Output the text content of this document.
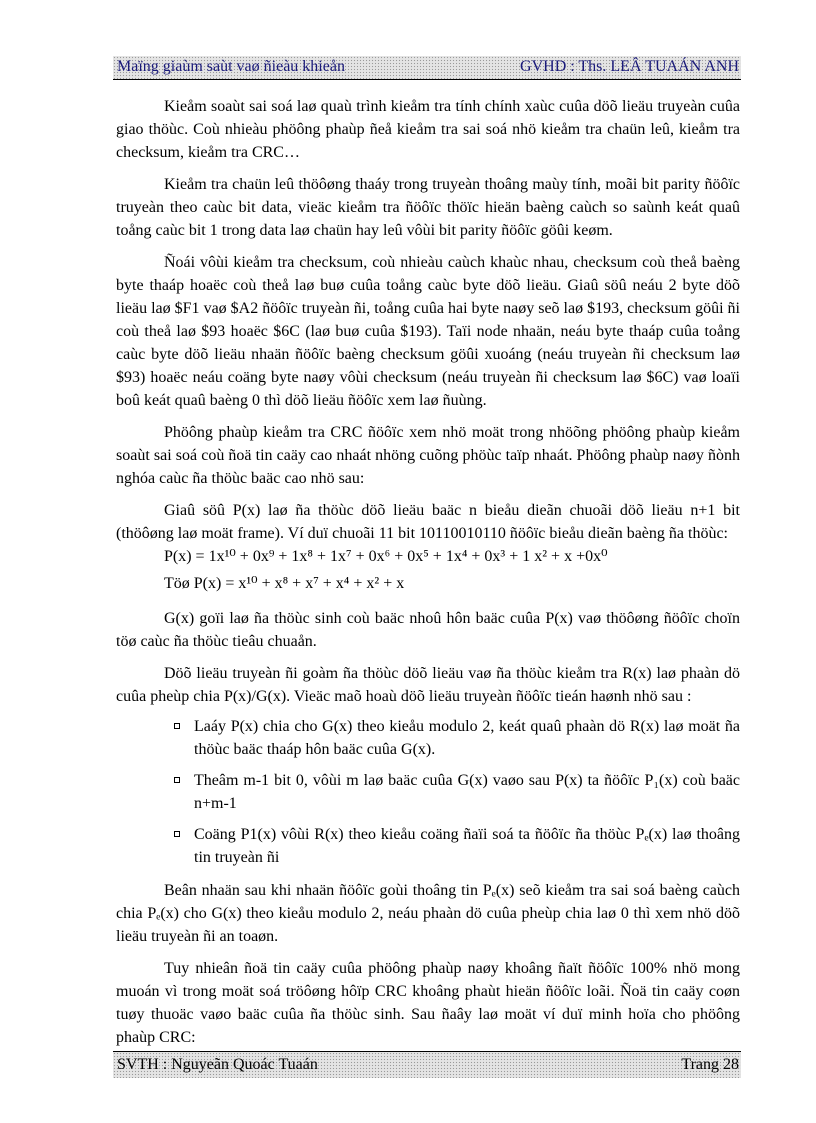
Maïng giaùm saùt vaø ñieàu khieån	GVHD : Ths. LEÂ TUAÁN ANH

Kieåm soaùt sai soá laø quaù trình kieåm tra tính chính xaùc cuûa döõ lieäu truyeàn cuûa giao thöùc. Coù nhieàu phöông phaùp ñeå kieåm tra sai soá nhö kieåm tra chaün leû, kieåm tra checksum, kieåm tra CRC…

Kieåm tra chaün leû thöôøng thaáy trong truyeàn thoâng maùy tính, moãi bit parity ñöôïc truyeàn theo caùc bit data, vieäc kieåm tra ñöôïc thöïc hieän baèng caùch so saùnh keát quaû toång caùc bit 1 trong data laø chaün hay leû vôùi bit parity ñöôïc göûi keøm.

Ñoái vôùi kieåm tra checksum, coù nhieàu caùch khaùc nhau, checksum coù theå baèng byte thaáp hoaëc coù theå laø buø cuûa toång caùc byte döõ lieäu. Giaû söû neáu 2 byte döõ lieäu laø $F1 vaø $A2 ñöôïc truyeàn ñi, toång cuûa hai byte naøy seõ laø $193, checksum göûi ñi coù theå laø $93 hoaëc $6C (laø buø cuûa $193). Taïi node nhaän, neáu byte thaáp cuûa toång caùc byte döõ lieäu nhaän ñöôïc baèng checksum göûi xuoáng (neáu truyeàn ñi checksum laø $93) hoaëc neáu coäng byte naøy vôùi checksum (neáu truyeàn ñi checksum laø $6C) vaø loaïi boû keát quaû baèng 0 thì döõ lieäu ñöôïc xem laø ñuùng.

Phöông phaùp kieåm tra CRC ñöôïc xem nhö moät trong nhöõng phöông phaùp kieåm soaùt sai soá coù ñoä tin caäy cao nhaát nhöng cuõng phöùc taïp nhaát. Phöông phaùp naøy ñònh nghóa caùc ña thöùc baäc cao nhö sau:

Giaû söû P(x) laø ña thöùc döõ lieäu baäc n bieåu dieãn chuoãi döõ lieäu n+1 bit (thöôøng laø moät frame). Ví duï chuoãi 11 bit 10110010110 ñöôïc bieåu dieãn baèng ña thöùc:

P(x) = 1x¹⁰ + 0x⁹ + 1x⁸ + 1x⁷ + 0x⁶ + 0x⁵ + 1x⁴ + 0x³ + 1 x² + x +0x⁰
Töø P(x) = x¹⁰ + x⁸ + x⁷ + x⁴ + x² + x

G(x) goïi laø ña thöùc sinh coù baäc nhoû hôn baäc cuûa P(x) vaø thöôøng ñöôïc choïn töø caùc ña thöùc tieâu chuaån.

Döõ lieäu truyeàn ñi goàm ña thöùc döõ lieäu vaø ña thöùc kieåm tra R(x) laø phaàn dö cuûa pheùp chia P(x)/G(x). Vieäc maõ hoaù döõ lieäu truyeàn ñöôïc tieán haønh nhö sau :

Laáy P(x) chia cho G(x) theo kieåu modulo 2, keát quaû phaàn dö R(x) laø moät ña thöùc baäc thaáp hôn baäc cuûa G(x).
Theâm m-1 bit 0, vôùi m laø baäc cuûa G(x) vaøo sau P(x) ta ñöôïc P₁(x) coù baäc n+m-1
Coäng P1(x) vôùi R(x) theo kieåu coäng ñaïi soá ta ñöôïc ña thöùc Pₑ(x) laø thoâng tin truyeàn ñi

Beân nhaän sau khi nhaän ñöôïc goùi thoâng tin Pₑ(x) seõ kieåm tra sai soá baèng caùch chia Pₑ(x) cho G(x) theo kieåu modulo 2, neáu phaàn dö cuûa pheùp chia laø 0 thì xem nhö döõ lieäu truyeàn ñi an toaøn.

Tuy nhieân ñoä tin caäy cuûa phöông phaùp naøy khoâng ñaït ñöôïc 100% nhö mong muoán vì trong moät soá tröôøng hôïp CRC khoâng phaùt hieän ñöôïc loãi. Ñoä tin caäy coøn tuøy thuoäc vaøo baäc cuûa ña thöùc sinh. Sau ñaây laø moät ví duï minh hoïa cho phöông phaùp CRC:

SVTH : Nguyeãn Quoác Tuaán	Trang 28
